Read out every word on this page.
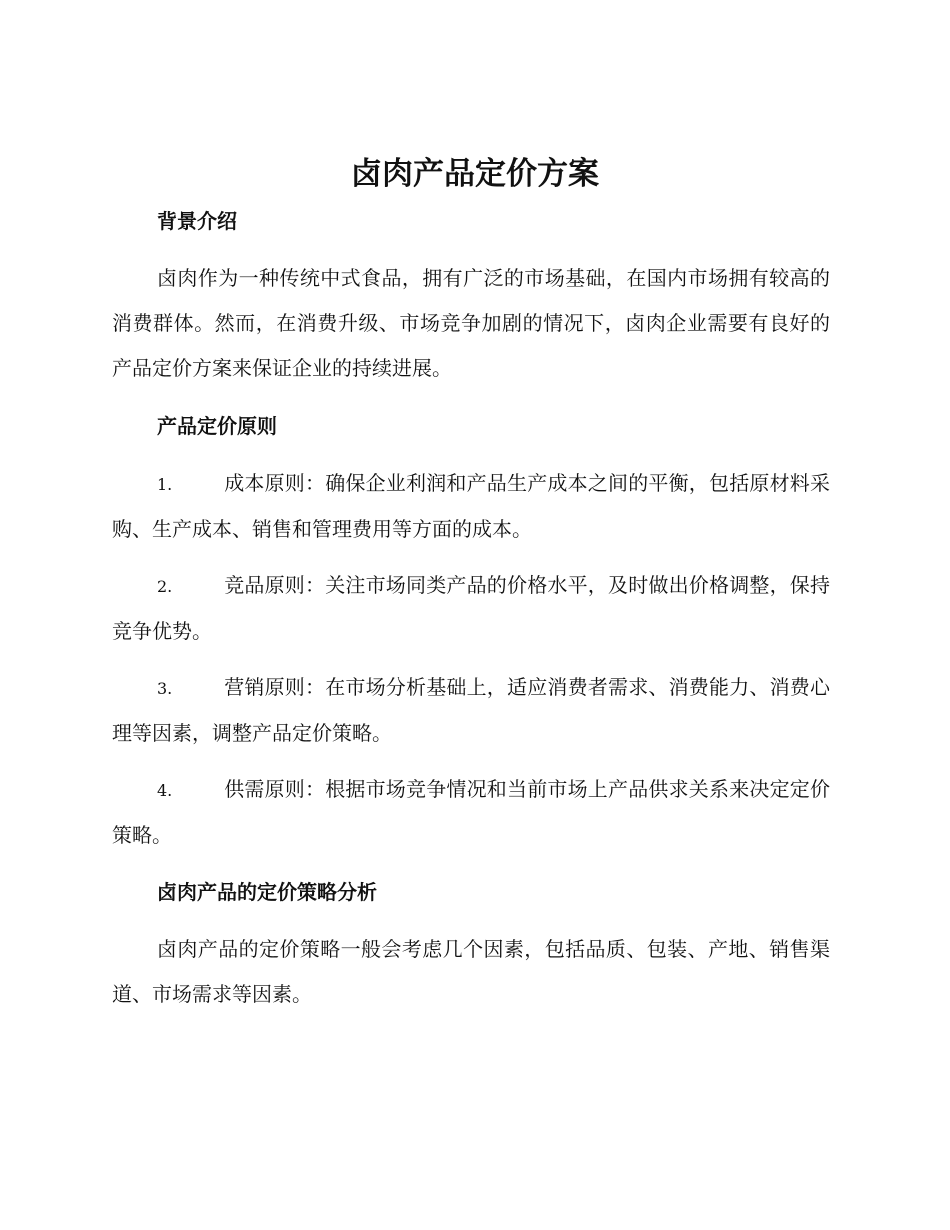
卤肉产品定价方案
背景介绍

卤肉作为一种传统中式食品，拥有广泛的市场基础，在国内市场拥有较高的消费群体。然而，在消费升级、市场竞争加剧的情况下，卤肉企业需要有良好的产品定价方案来保证企业的持续进展。

产品定价原则

1.	成本原则：确保企业利润和产品生产成本之间的平衡，包括原材料采购、生产成本、销售和管理费用等方面的成本。

2.	竞品原则：关注市场同类产品的价格水平，及时做出价格调整，保持竞争优势。

3.	营销原则：在市场分析基础上，适应消费者需求、消费能力、消费心理等因素，调整产品定价策略。

4.	供需原则：根据市场竞争情况和当前市场上产品供求关系来决定定价策略。

卤肉产品的定价策略分析

卤肉产品的定价策略一般会考虑几个因素，包括品质、包装、产地、销售渠道、市场需求等因素。
